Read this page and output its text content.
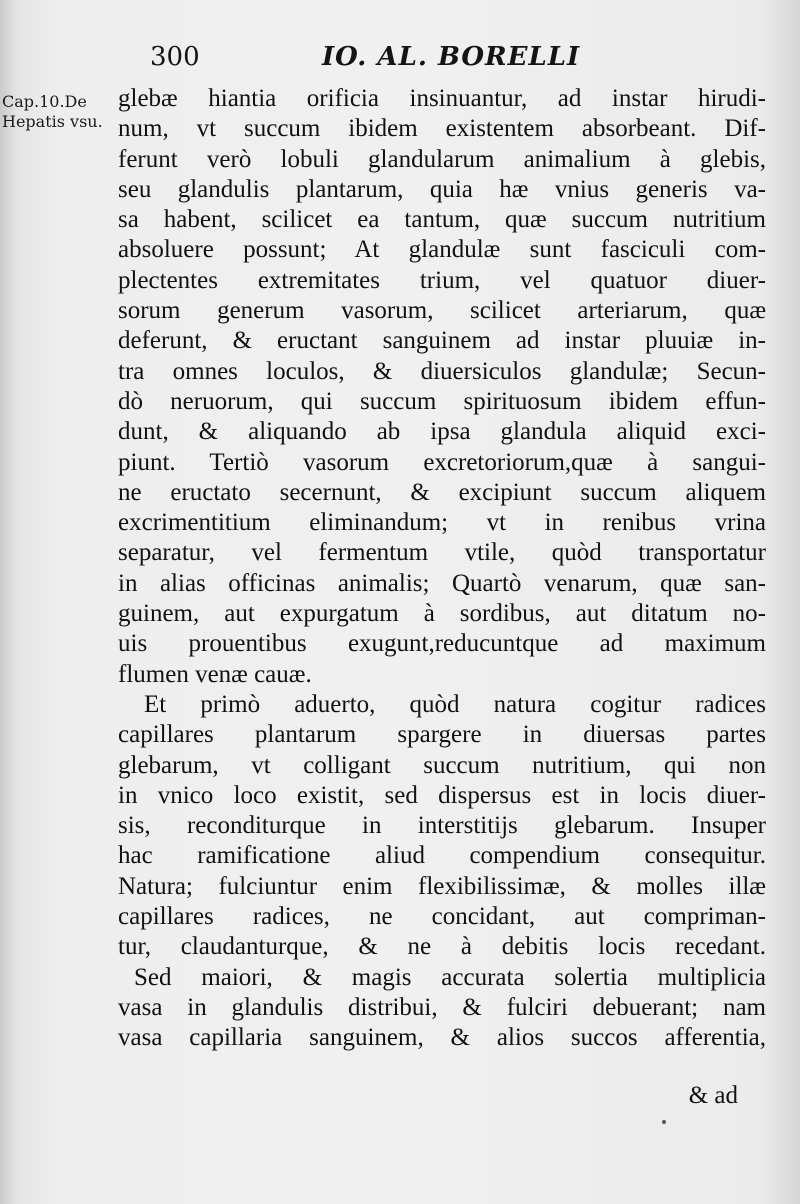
300	IO. AL. BORELLI
Cap.10.De
Hepatis vsu.
glebæ hiantia orificia insinuantur, ad instar hirudi-
num, vt succum ibidem existentem absorbeant. Dif-
ferunt verò lobuli glandularum animalium à glebis,
seu glandulis plantarum, quia hæ vnius generis va-
sa habent, scilicet ea tantum, quæ succum nutritium
absoluere possunt; At glandulæ sunt fasciculi com-
plectentes extremitates trium, vel quatuor diuer-
sorum generum vasorum, scilicet arteriarum, quæ
deferunt, & eructant sanguinem ad instar pluuiæ in-
tra omnes loculos, & diuersiculos glandulæ; Secun-
dò neruorum, qui succum spirituosum ibidem effun-
dunt, & aliquando ab ipsa glandula aliquid exci-
piunt. Tertiò vasorum excretoriorum,quæ à sangui-
ne eructato secernunt, & excipiunt succum aliquem
excrimentitium eliminandum; vt in renibus vrina
separatur, vel fermentum vtile, quòd transportatur
in alias officinas animalis; Quartò venarum, quæ san-
guinem, aut expurgatum à sordibus, aut ditatum no-
uis prouentibus exugunt,reducuntque ad maximum
flumen venæ cauæ.
Et primò aduerto, quòd natura cogitur radices
capillares plantarum spargere in diuersas partes
glebarum, vt colligant succum nutritium, qui non
in vnico loco existit, sed dispersus est in locis diuer-
sis, reconditurque in interstitijs glebarum. Insuper
hac ramificatione aliud compendium consequitur.
Natura; fulciuntur enim flexibilissimæ, & molles illæ
capillares radices, ne concidant, aut compriman-
tur, claudanturque, & ne à debitis locis recedant.
Sed maiori, & magis accurata solertia multiplicia
vasa in glandulis distribui, & fulciri debuerant; nam
vasa capillaria sanguinem, & alios succos afferentia,
& ad
